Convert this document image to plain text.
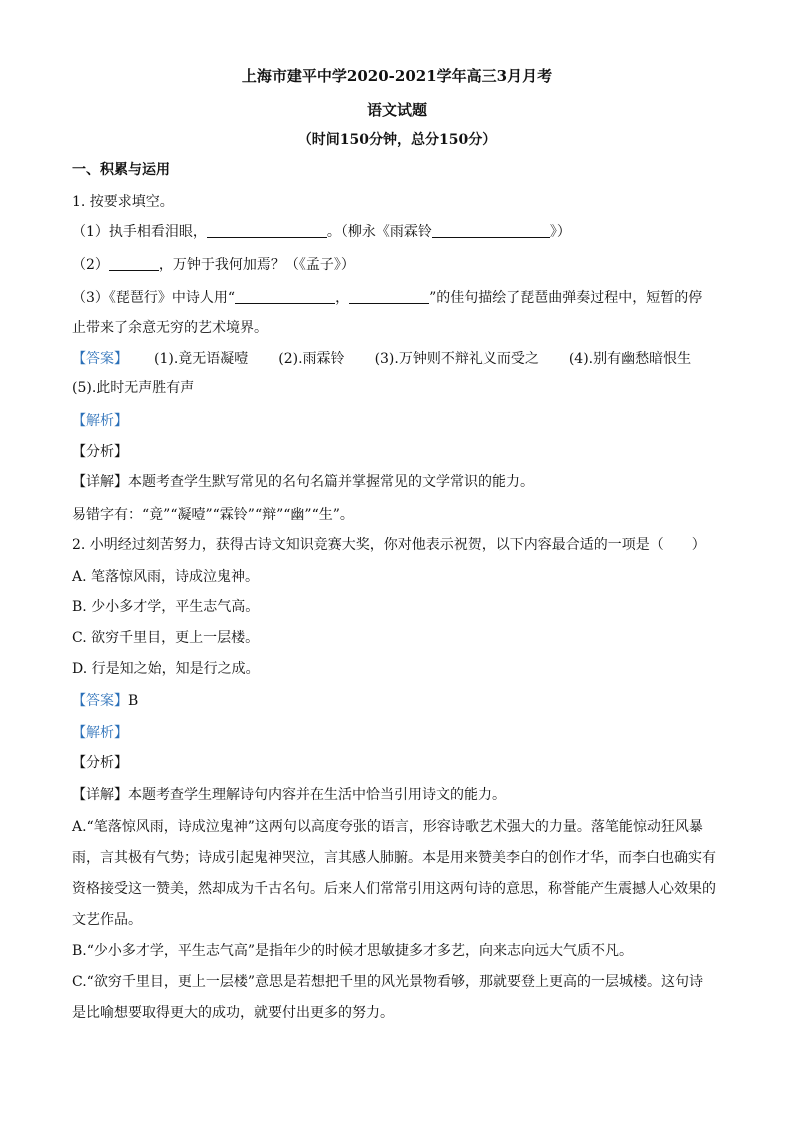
上海市建平中学2020-2021学年高三3月月考
语文试题
（时间150分钟，总分150分）
一、积累与运用
1. 按要求填空。
（1）执手相看泪眼，	。（柳永《雨霖铃	》）
（2）	，万钟于我何加焉？（《孟子》）
（3）《琵琶行》中诗人用“	，	”的佳句描绘了琵琶曲弹奏过程中，短暂的停
止带来了余意无穷的艺术境界。
【答案】 (1).竟无语凝噎 (2).雨霖铃 (3).万钟则不辩礼义而受之 (4).别有幽愁暗恨生
(5).此时无声胜有声
【解析】
【分析】
【详解】本题考查学生默写常见的名句名篇并掌握常见的文学常识的能力。
易错字有：“竟”“凝噎”“霖铃”“辩”“幽”“生”。
2. 小明经过刻苦努力，获得古诗文知识竞赛大奖，你对他表示祝贺，以下内容最合适的一项是（　　）
A. 笔落惊风雨，诗成泣鬼神。
B. 少小多才学，平生志气高。
C. 欲穷千里目，更上一层楼。
D. 行是知之始，知是行之成。
【答案】B
【解析】
【分析】
【详解】本题考查学生理解诗句内容并在生活中恰当引用诗文的能力。
A.“笔落惊风雨，诗成泣鬼神”这两句以高度夸张的语言，形容诗歌艺术强大的力量。落笔能惊动狂风暴
雨，言其极有气势；诗成引起鬼神哭泣，言其感人肺腑。本是用来赞美李白的创作才华，而李白也确实有
资格接受这一赞美，然却成为千古名句。后来人们常常引用这两句诗的意思，称誉能产生震撼人心效果的
文艺作品。
B.“少小多才学，平生志气高”是指年少的时候才思敏捷多才多艺，向来志向远大气质不凡。
C.“欲穷千里目，更上一层楼”意思是若想把千里的风光景物看够，那就要登上更高的一层城楼。这句诗
是比喻想要取得更大的成功，就要付出更多的努力。
